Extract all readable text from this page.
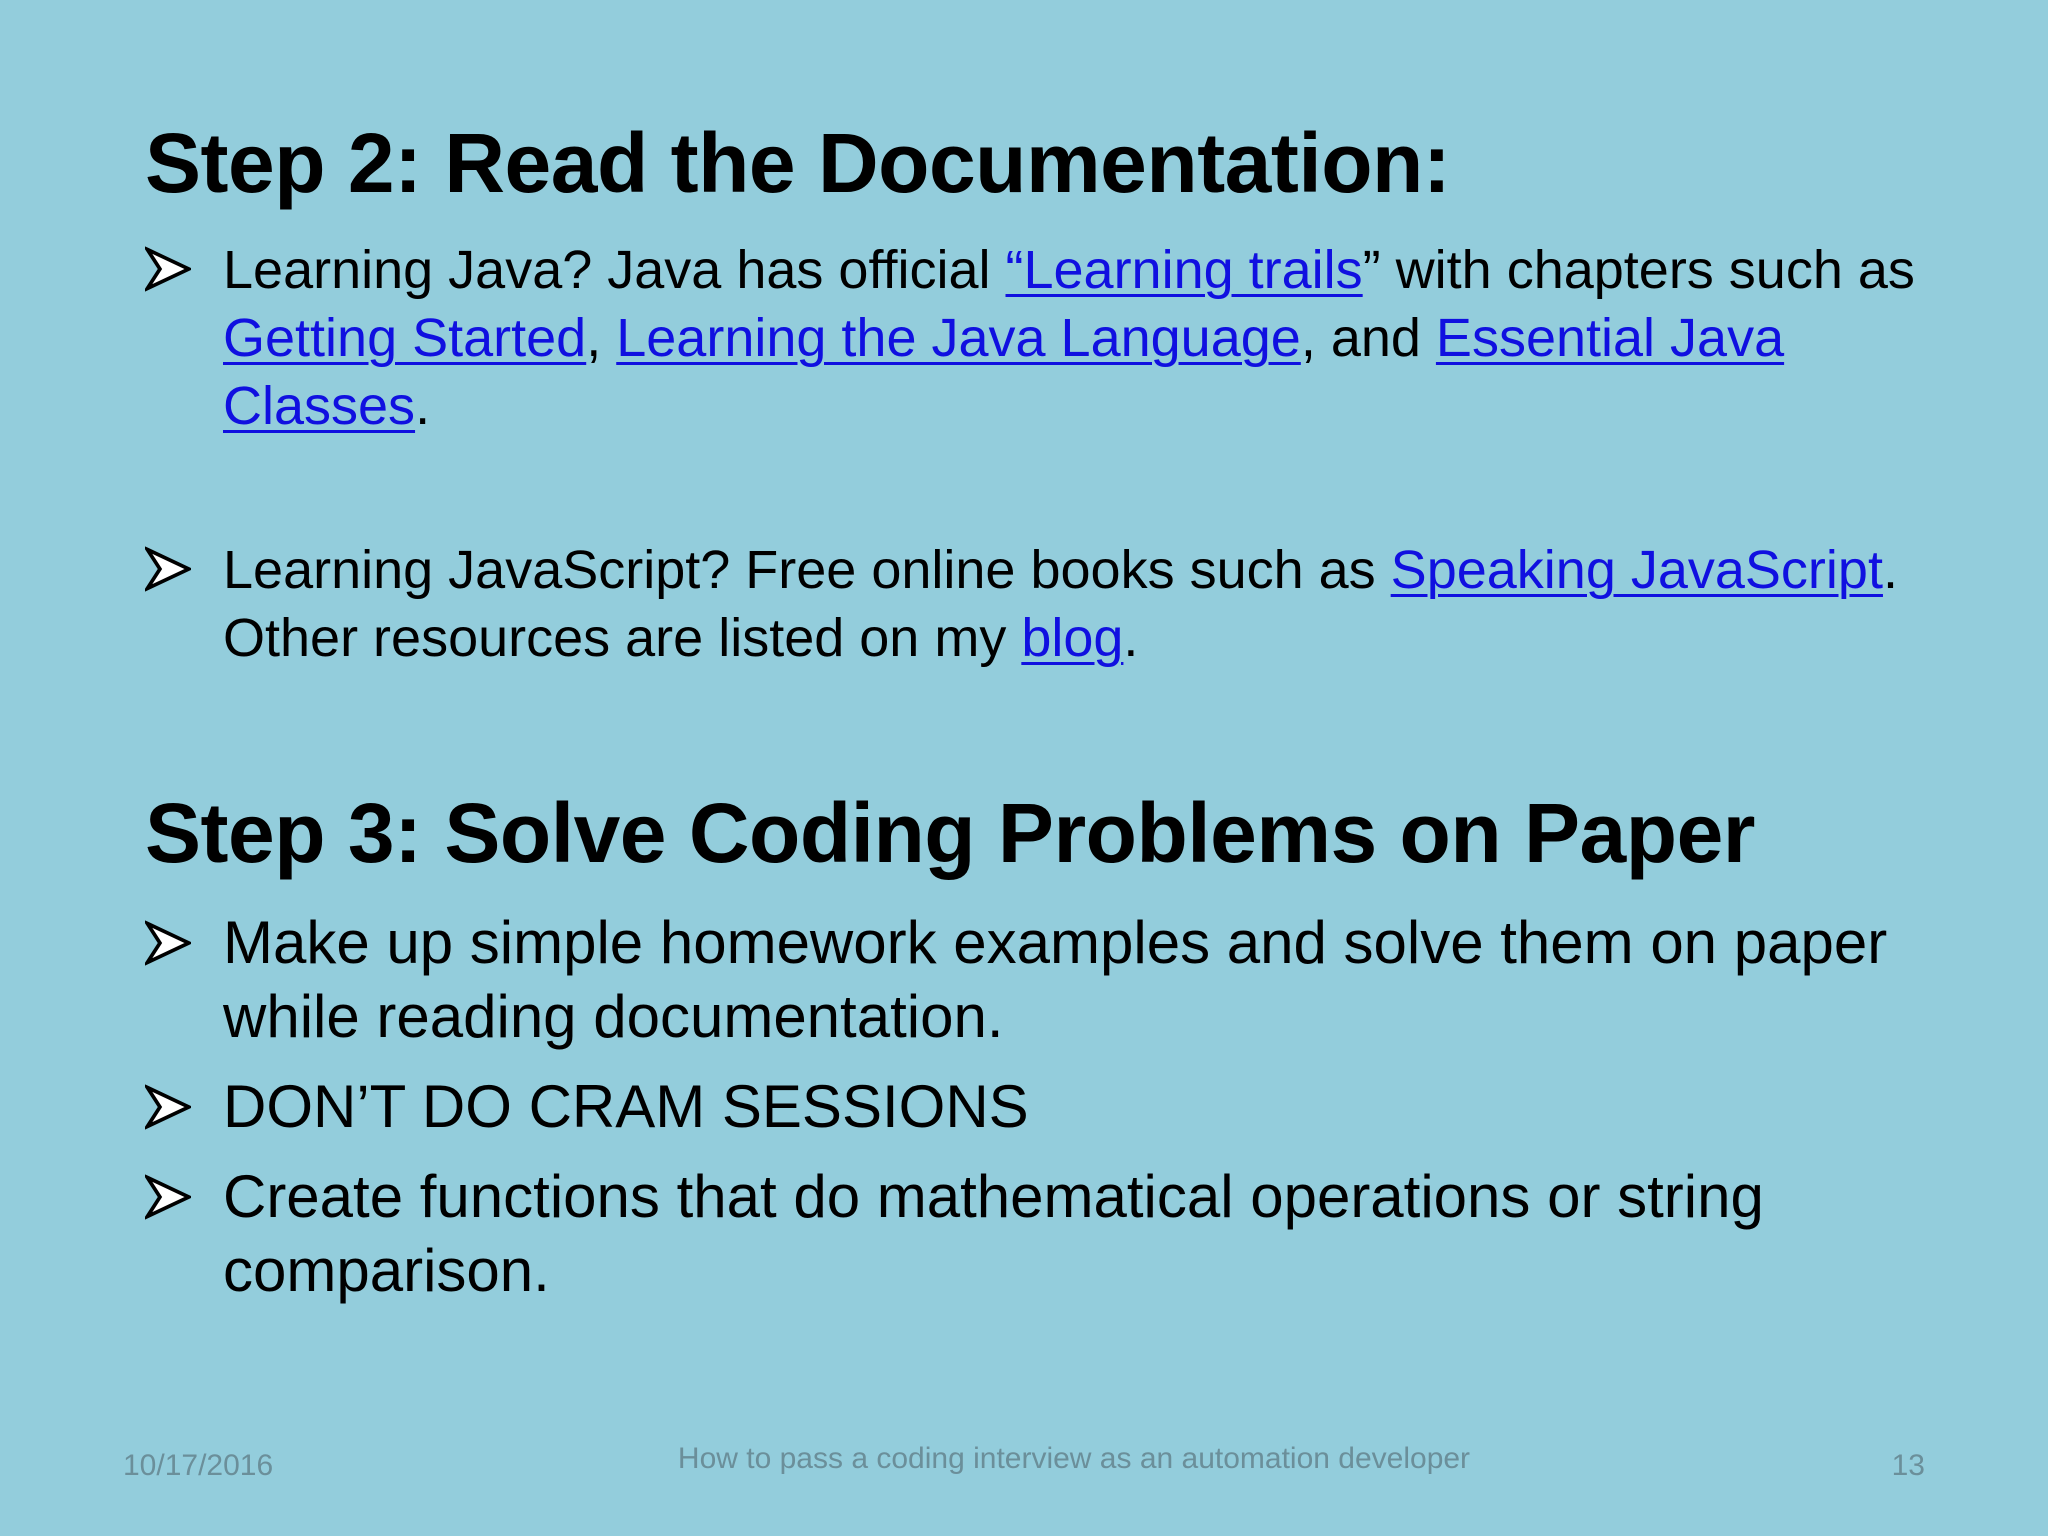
Step 2: Read the Documentation:
Learning Java? Java has official “Learning trails” with chapters such as Getting Started, Learning the Java Language, and Essential Java Classes.
Learning JavaScript? Free online books such as Speaking JavaScript. Other resources are listed on my blog.
Step 3: Solve Coding Problems on Paper
Make up simple homework examples and solve them on paper while reading documentation.
DON’T DO CRAM SESSIONS
Create functions that do mathematical operations or string comparison.
10/17/2016	How to pass a coding interview as an automation developer	13
